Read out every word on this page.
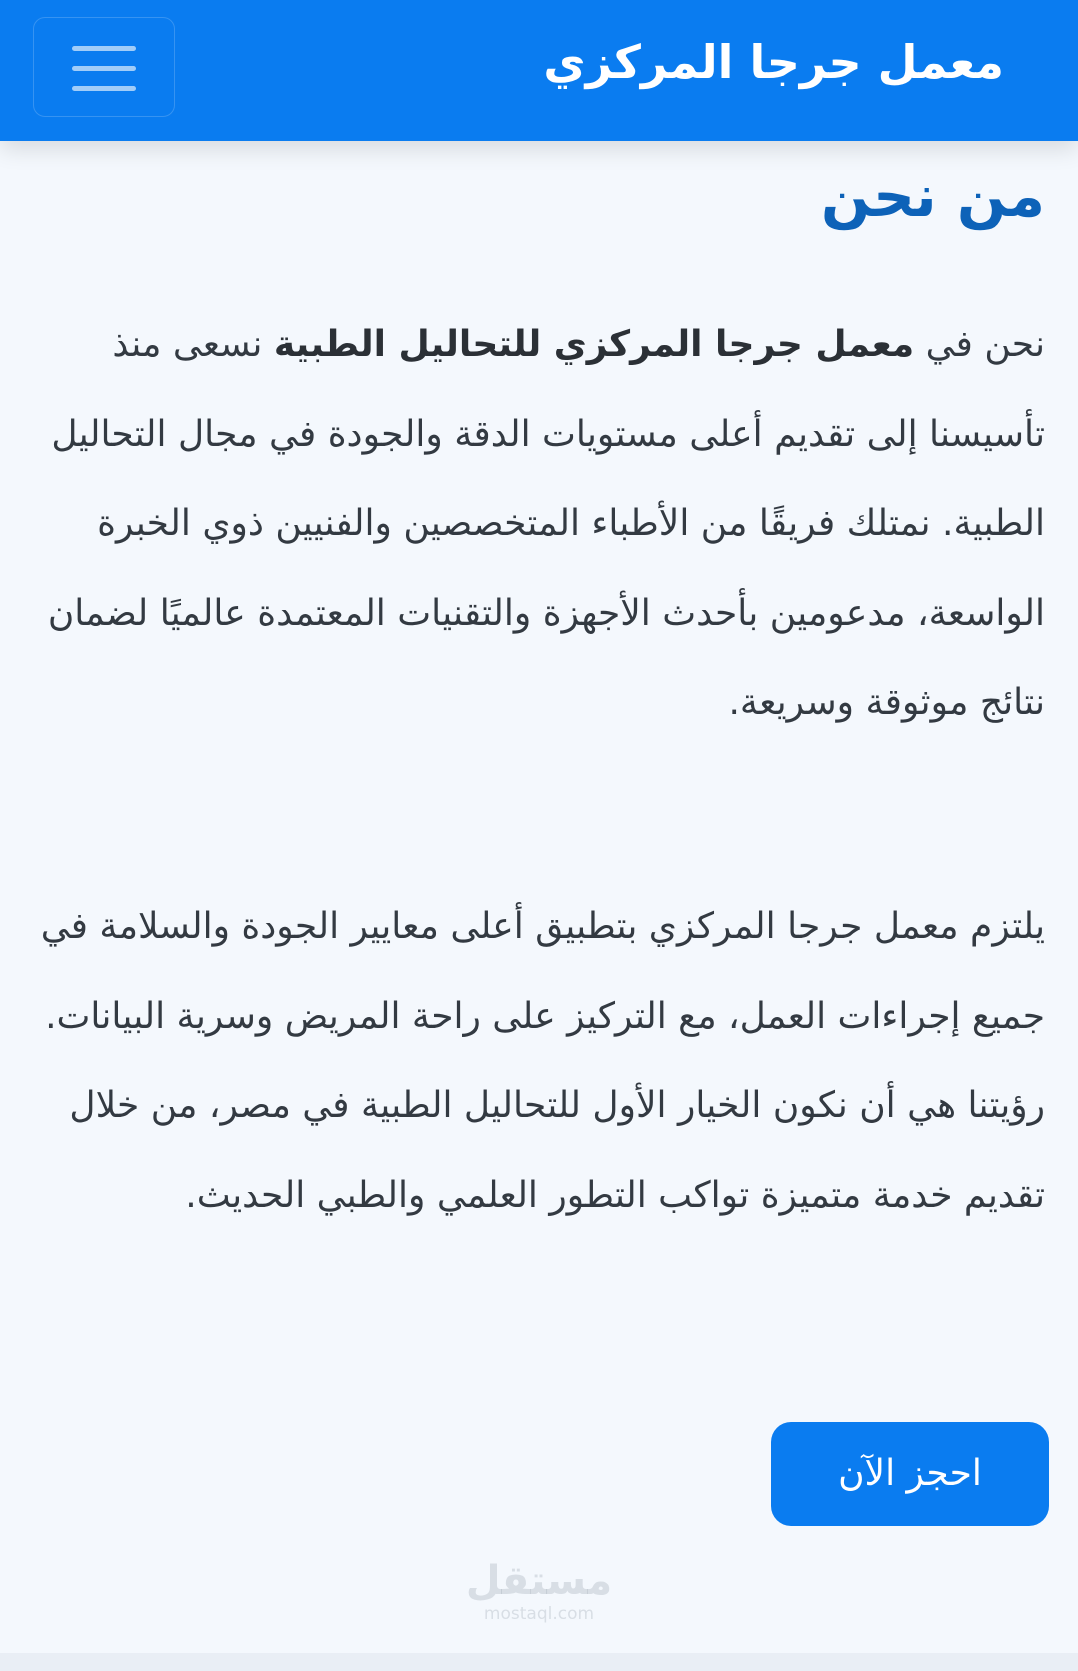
معمل جرجا المركزي
من نحن

نحن في معمل جرجا المركزي للتحاليل الطبية نسعى منذ تأسيسنا إلى تقديم أعلى مستويات الدقة والجودة في مجال التحاليل الطبية. نمتلك فريقًا من الأطباء المتخصصين والفنيين ذوي الخبرة الواسعة، مدعومين بأحدث الأجهزة والتقنيات المعتمدة عالميًا لضمان نتائج موثوقة وسريعة.

يلتزم معمل جرجا المركزي بتطبيق أعلى معايير الجودة والسلامة في جميع إجراءات العمل، مع التركيز على راحة المريض وسرية البيانات. رؤيتنا هي أن نكون الخيار الأول للتحاليل الطبية في مصر، من خلال تقديم خدمة متميزة تواكب التطور العلمي والطبي الحديث.

احجز الآن
مستقل
mostaql.com
